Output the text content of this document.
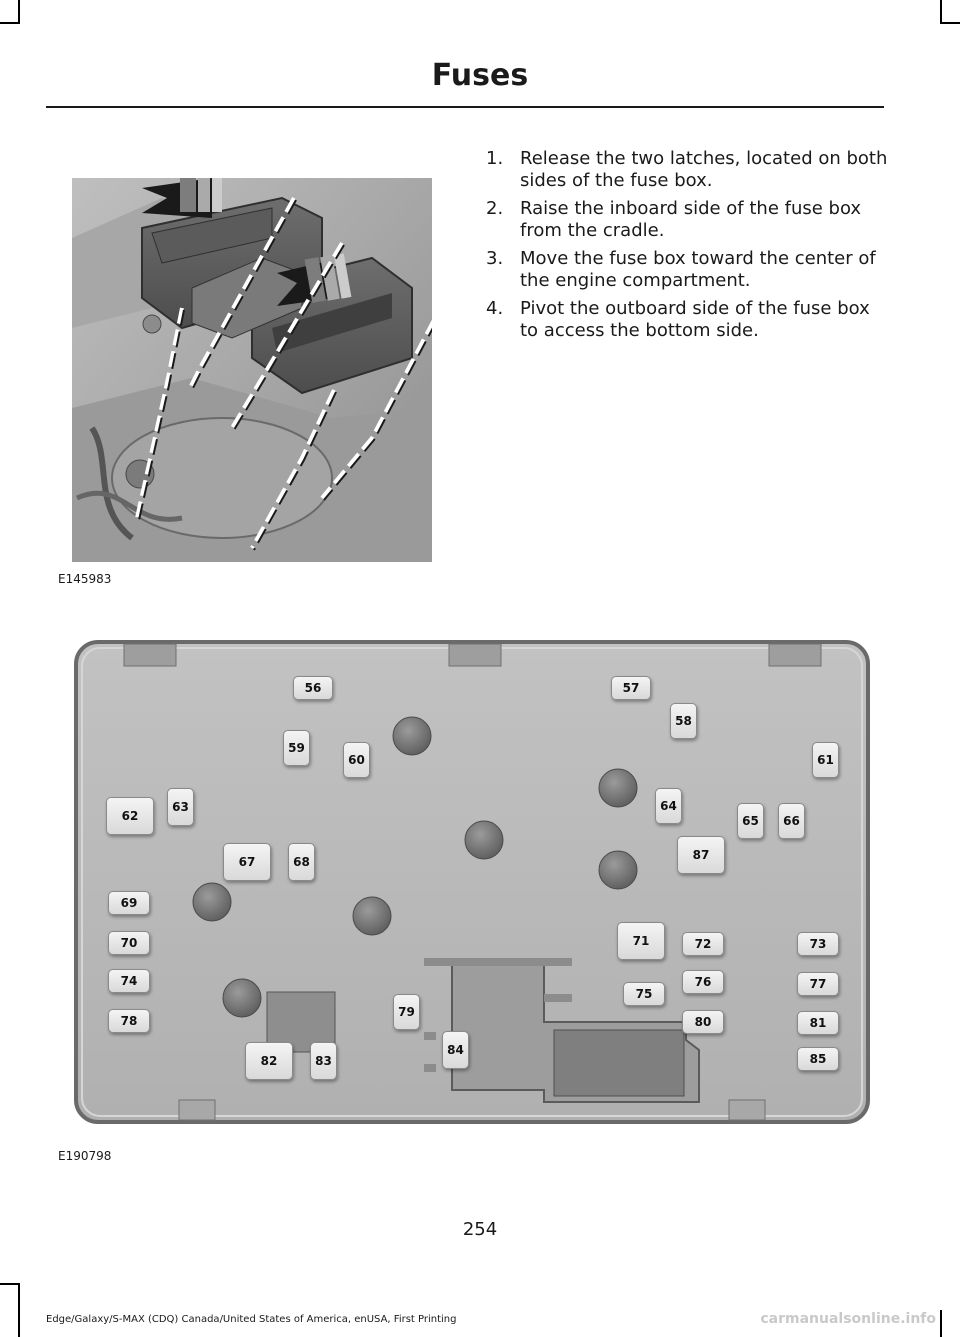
Fuses
E145983
1. Release the two latches, located on both sides of the fuse box.
2. Raise the inboard side of the fuse box from the cradle.
3. Move the fuse box toward the center of the engine compartment.
4. Pivot the outboard side of the fuse box to access the bottom side.
56	57
58
59
60	61
62
63	64
65	66
67	68	87
69
70	71	72	73
74
75
76	77
78
79
80	81
82	83
84
85
E190798
254
Edge/Galaxy/S-MAX (CDQ) Canada/United States of America, enUSA, First Printing	carmanualsonline.info
